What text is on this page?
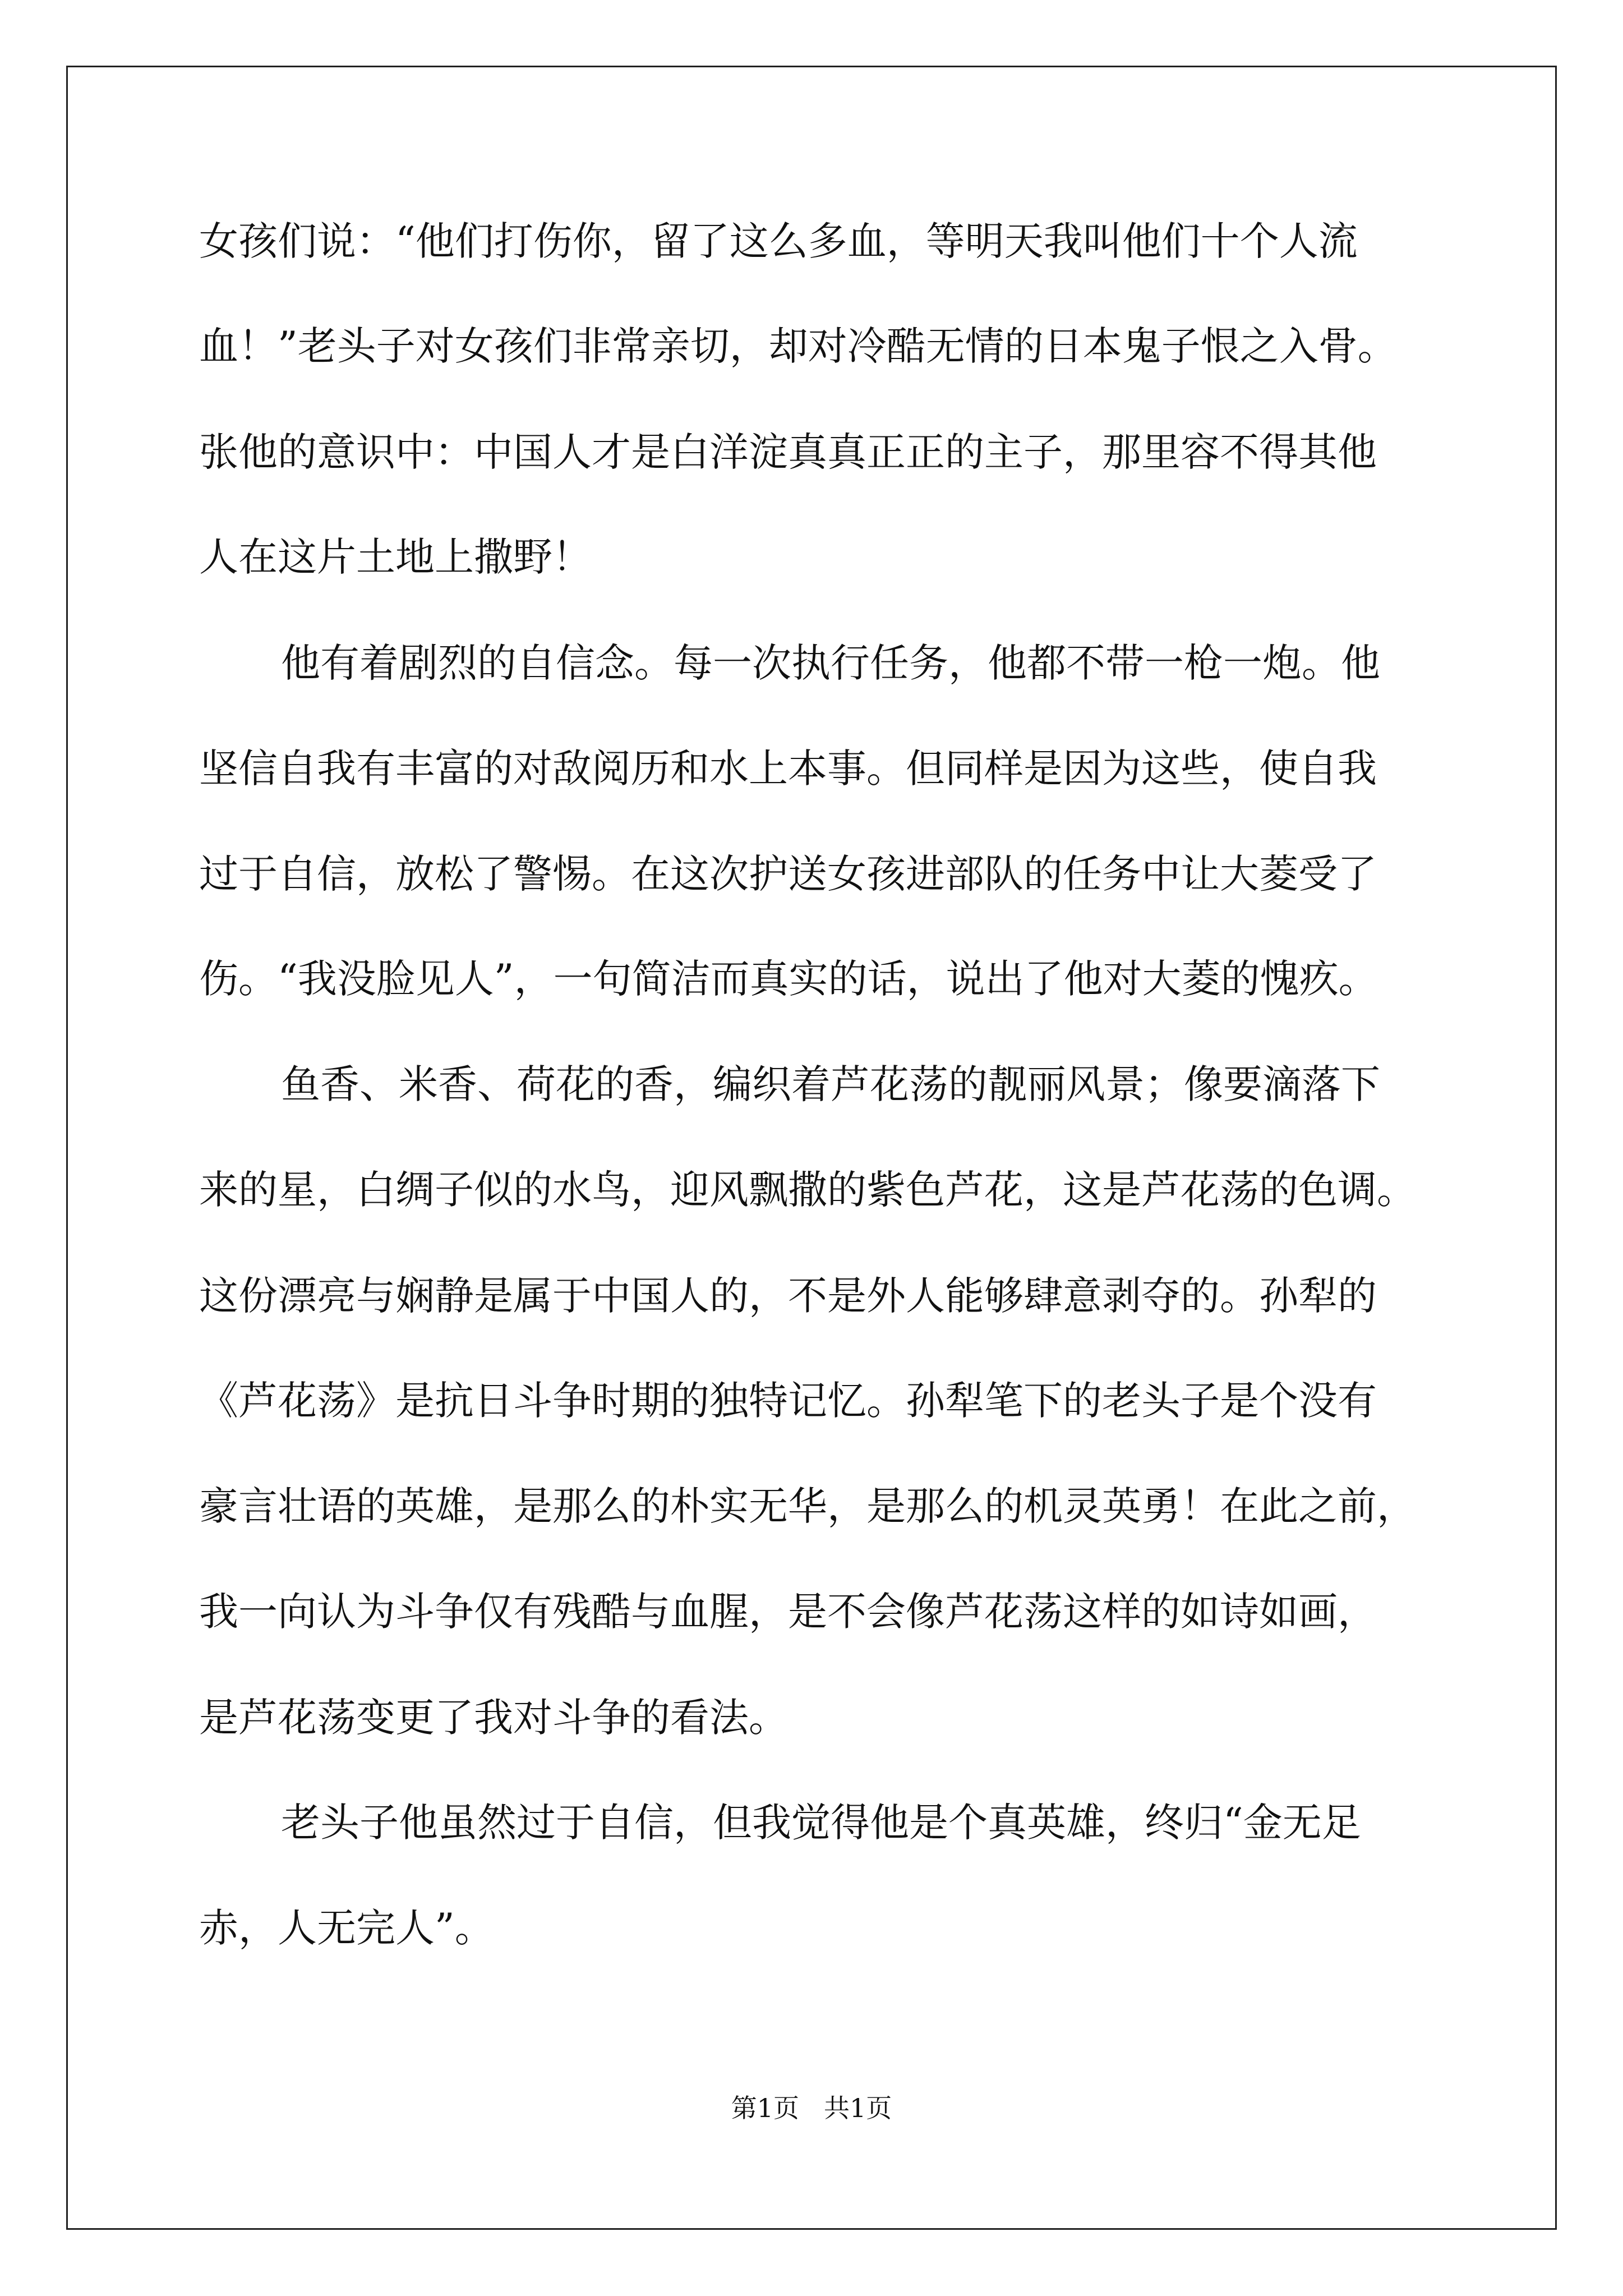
女孩们说：“他们打伤你，留了这么多血，等明天我叫他们十个人流
血！”老头子对女孩们非常亲切，却对冷酷无情的日本鬼子恨之入骨。
张他的意识中：中国人才是白洋淀真真正正的主子，那里容不得其他
人在这片土地上撒野！
他有着剧烈的自信念。每一次执行任务，他都不带一枪一炮。他
坚信自我有丰富的对敌阅历和水上本事。但同样是因为这些，使自我
过于自信，放松了警惕。在这次护送女孩进部队的任务中让大菱受了
伤。“我没脸见人”，一句简洁而真实的话，说出了他对大菱的愧疚。
鱼香、米香、荷花的香，编织着芦花荡的靓丽风景；像要滴落下
来的星，白绸子似的水鸟，迎风飘撒的紫色芦花，这是芦花荡的色调。
这份漂亮与娴静是属于中国人的，不是外人能够肆意剥夺的。孙犁的
《芦花荡》是抗日斗争时期的独特记忆。孙犁笔下的老头子是个没有
豪言壮语的英雄，是那么的朴实无华，是那么的机灵英勇！在此之前，
我一向认为斗争仅有残酷与血腥，是不会像芦花荡这样的如诗如画，
是芦花荡变更了我对斗争的看法。
老头子他虽然过于自信，但我觉得他是个真英雄，终归“金无足
赤，人无完人”。
第1页 共1页
